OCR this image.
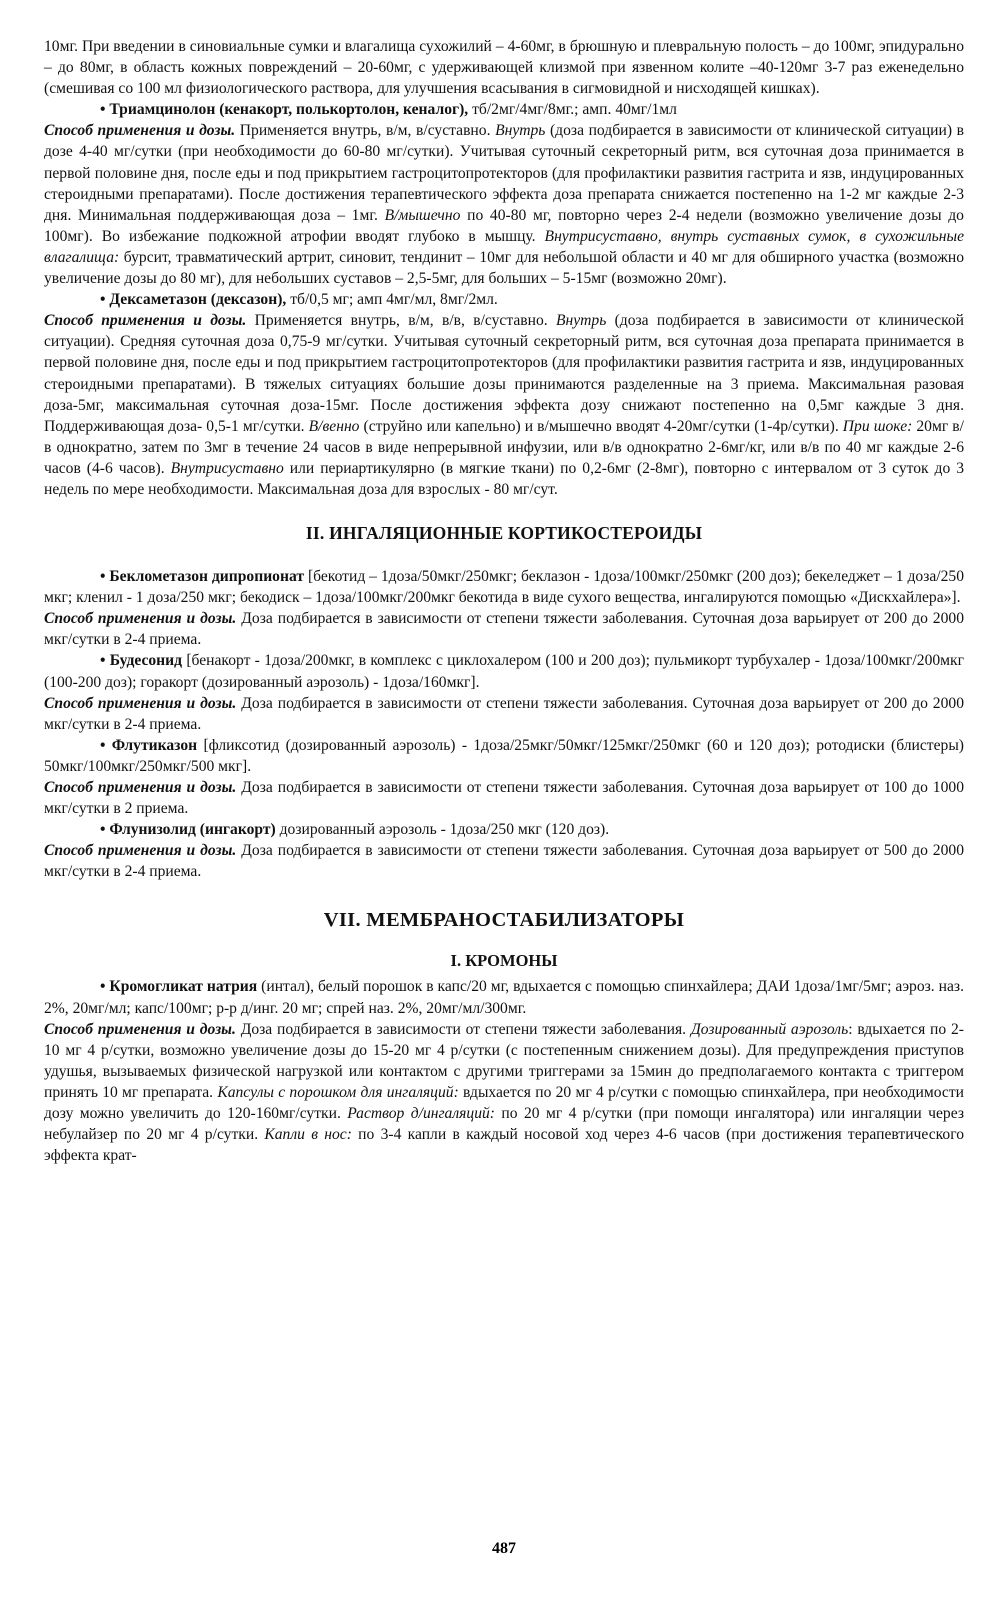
10мг. При введении в синовиальные сумки и влагалища сухожилий – 4-60мг, в брюшную и плевральную полость – до 100мг, эпидурально – до 80мг, в область кожных повреждений – 20-60мг, с удерживающей клизмой при язвенном колите –40-120мг 3-7 раз еженедельно (смешивая со 100 мл физиологического раствора, для улучшения всасывания в сигмовидной и нисходящей кишках).

• Триамцинолон (кенакорт, полькортолон, кеналог), тб/2мг/4мг/8мг.; амп. 40мг/1мл

Способ применения и дозы. Применяется внутрь, в/м, в/суставно. Внутрь (доза подбирается в зависимости от клинической ситуации) в дозе 4-40 мг/сутки (при необходимости до 60-80 мг/сутки). Учитывая суточный секреторный ритм, вся суточная доза принимается в первой половине дня, после еды и под прикрытием гастроцитопротекторов (для профилактики развития гастрита и язв, индуцированных стероидными препаратами). После достижения терапевтического эффекта доза препарата снижается постепенно на 1-2 мг каждые 2-3 дня. Минимальная поддерживающая доза – 1мг. В/мышечно по 40-80 мг, повторно через 2-4 недели (возможно увеличение дозы до 100мг). Во избежание подкожной атрофии вводят глубоко в мышцу. Внутрисуставно, внутрь суставных сумок, в сухожильные влагалища: бурсит, травматический артрит, синовит, тендинит – 10мг для небольшой области и 40 мг для обширного участка (возможно увеличение дозы до 80 мг), для небольших суставов – 2,5-5мг, для больших – 5-15мг (возможно 20мг).

• Дексаметазон (дексазон), тб/0,5 мг; амп 4мг/мл, 8мг/2мл.

Способ применения и дозы. Применяется внутрь, в/м, в/в, в/суставно. Внутрь (доза подбирается в зависимости от клинической ситуации). Средняя суточная доза 0,75-9 мг/сутки. Учитывая суточный секреторный ритм, вся суточная доза препарата принимается в первой половине дня, после еды и под прикрытием гастроцитопротекторов (для профилактики развития гастрита и язв, индуцированных стероидными препаратами). В тяжелых ситуациях большие дозы принимаются разделенные на 3 приема. Максимальная разовая доза-5мг, максимальная суточная доза-15мг. После достижения эффекта дозу снижают постепенно на 0,5мг каждые 3 дня. Поддерживающая доза- 0,5-1 мг/сутки. В/венно (струйно или капельно) и в/мышечно вводят 4-20мг/сутки (1-4р/сутки). При шоке: 20мг в/в однократно, затем по 3мг в течение 24 часов в виде непрерывной инфузии, или в/в однократно 2-6мг/кг, или в/в по 40 мг каждые 2-6 часов (4-6 часов). Внутрисуставно или периартикулярно (в мягкие ткани) по 0,2-6мг (2-8мг), повторно с интервалом от 3 суток до 3 недель по мере необходимости. Максимальная доза для взрослых - 80 мг/сут.

II. ИНГАЛЯЦИОННЫЕ КОРТИКОСТЕРОИДЫ

• Беклометазон дипропионат [бекотид – 1доза/50мкг/250мкг; беклазон - 1доза/100мкг/250мкг (200 доз); бекеледжет – 1 доза/250 мкг; кленил - 1 доза/250 мкг; бекодиск – 1доза/100мкг/200мкг бекотида в виде сухого вещества, ингалируются помощью «Дискхайлера»].

Способ применения и дозы. Доза подбирается в зависимости от степени тяжести заболевания. Суточная доза варьирует от 200 до 2000 мкг/сутки в 2-4 приема.

• Будесонид [бенакорт - 1доза/200мкг, в комплекс с циклохалером (100 и 200 доз); пульмикорт турбухалер - 1доза/100мкг/200мкг (100-200 доз); горакорт (дозированный аэрозоль) - 1доза/160мкг].

Способ применения и дозы. Доза подбирается в зависимости от степени тяжести заболевания. Суточная доза варьирует от 200 до 2000 мкг/сутки в 2-4 приема.

• Флутиказон [фликсотид (дозированный аэрозоль) - 1доза/25мкг/50мкг/125мкг/250мкг (60 и 120 доз); ротодиски (блистеры) 50мкг/100мкг/250мкг/500 мкг].

Способ применения и дозы. Доза подбирается в зависимости от степени тяжести заболевания. Суточная доза варьирует от 100 до 1000 мкг/сутки в 2 приема.

• Флунизолид (ингакорт) дозированный аэрозоль - 1доза/250 мкг (120 доз).

Способ применения и дозы. Доза подбирается в зависимости от степени тяжести заболевания. Суточная доза варьирует от 500 до 2000 мкг/сутки в 2-4 приема.

VII. МЕМБРАНОСТАБИЛИЗАТОРЫ
I. КРОМОНЫ

• Кромогликат натрия (интал), белый порошок в капс/20 мг, вдыхается с помощью спинхайлера; ДАИ 1доза/1мг/5мг; аэроз. наз. 2%, 20мг/мл; капс/100мг; р-р д/инг. 20 мг; спрей наз. 2%, 20мг/мл/300мг.

Способ применения и дозы. Доза подбирается в зависимости от степени тяжести заболевания. Дозированный аэрозоль: вдыхается по 2-10 мг 4 р/сутки, возможно увеличение дозы до 15-20 мг 4 р/сутки (с постепенным снижением дозы). Для предупреждения приступов удушья, вызываемых физической нагрузкой или контактом с другими триггерами за 15мин до предполагаемого контакта с триггером принять 10 мг препарата. Капсулы с порошком для ингаляций: вдыхается по 20 мг 4 р/сутки с помощью спинхайлера, при необходимости дозу можно увеличить до 120-160мг/сутки. Раствор д/ингаляций: по 20 мг 4 р/сутки (при помощи ингалятора) или ингаляции через небулайзер по 20 мг 4 р/сутки. Капли в нос: по 3-4 капли в каждый носовой ход через 4-6 часов (при достижения терапевтического эффекта крат-

487
